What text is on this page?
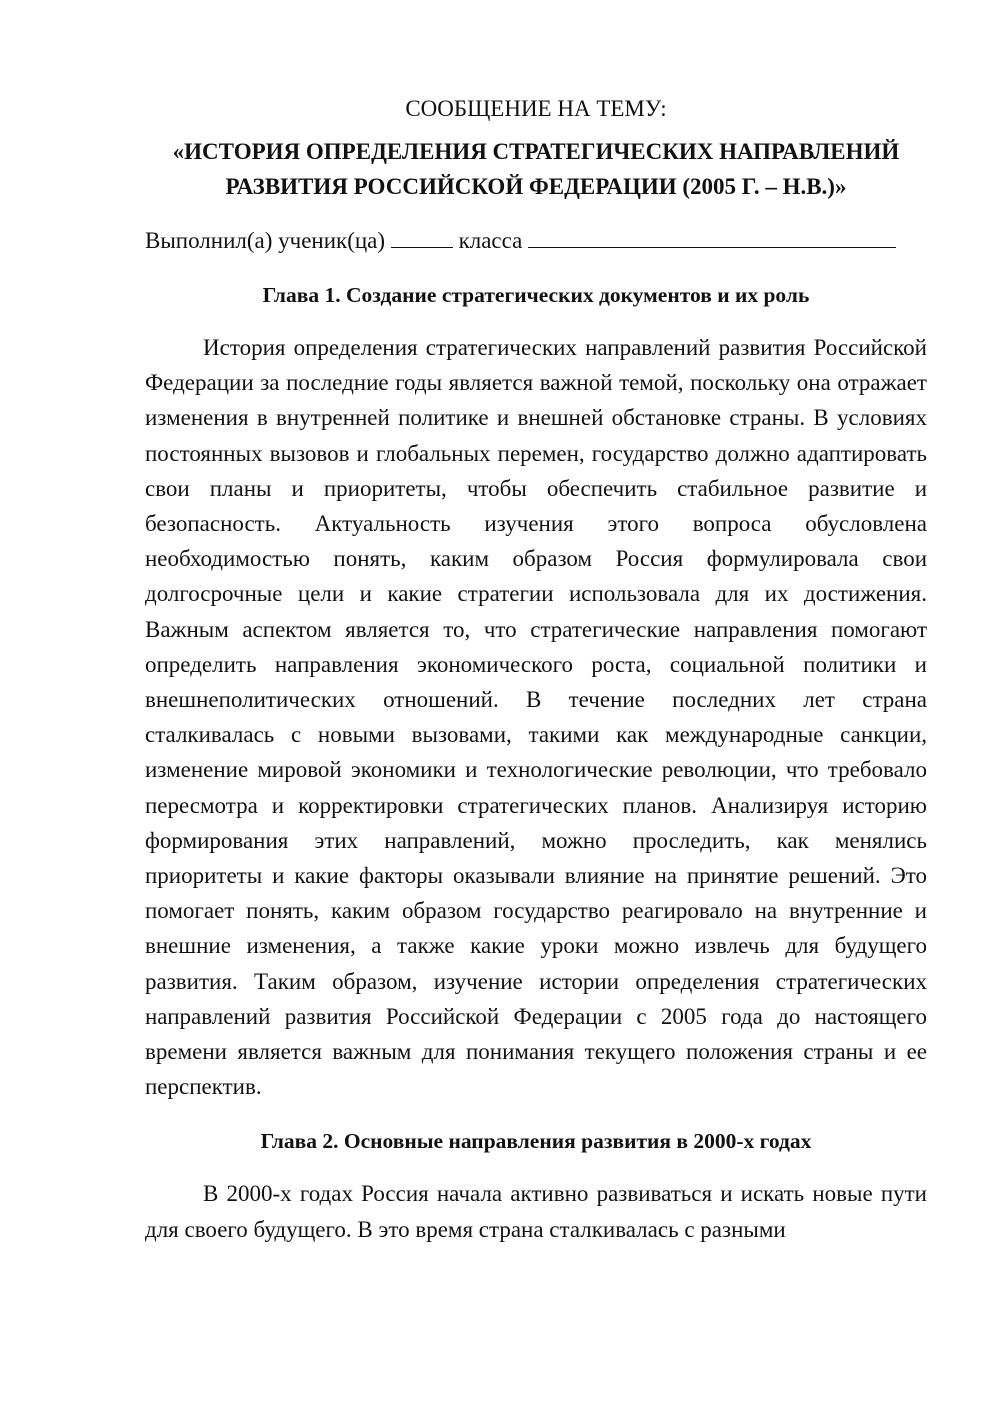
СООБЩЕНИЕ НА ТЕМУ:
«ИСТОРИЯ ОПРЕДЕЛЕНИЯ СТРАТЕГИЧЕСКИХ НАПРАВЛЕНИЙ
РАЗВИТИЯ РОССИЙСКОЙ ФЕДЕРАЦИИ (2005 Г. – Н.В.)»
Выполнил(а) ученик(ца)	класса
Глава 1. Создание стратегических документов и их роль

История определения стратегических направлений развития Российской Федерации за последние годы является важной темой, поскольку она отражает изменения в внутренней политике и внешней обстановке страны. В условиях постоянных вызовов и глобальных перемен, государство должно адаптировать свои планы и приоритеты, чтобы обеспечить стабильное развитие и безопасность. Актуальность изучения этого вопроса обусловлена необходимостью понять, каким образом Россия формулировала свои долгосрочные цели и какие стратегии использовала для их достижения. Важным аспектом является то, что стратегические направления помогают определить направления экономического роста, социальной политики и внешнеполитических отношений. В течение последних лет страна сталкивалась с новыми вызовами, такими как международные санкции, изменение мировой экономики и технологические революции, что требовало пересмотра и корректировки стратегических планов. Анализируя историю формирования этих направлений, можно проследить, как менялись приоритеты и какие факторы оказывали влияние на принятие решений. Это помогает понять, каким образом государство реагировало на внутренние и внешние изменения, а также какие уроки можно извлечь для будущего развития. Таким образом, изучение истории определения стратегических направлений развития Российской Федерации с 2005 года до настоящего времени является важным для понимания текущего положения страны и ее перспектив.

Глава 2. Основные направления развития в 2000-х годах

В 2000-х годах Россия начала активно развиваться и искать новые пути для своего будущего. В это время страна сталкивалась с разными
